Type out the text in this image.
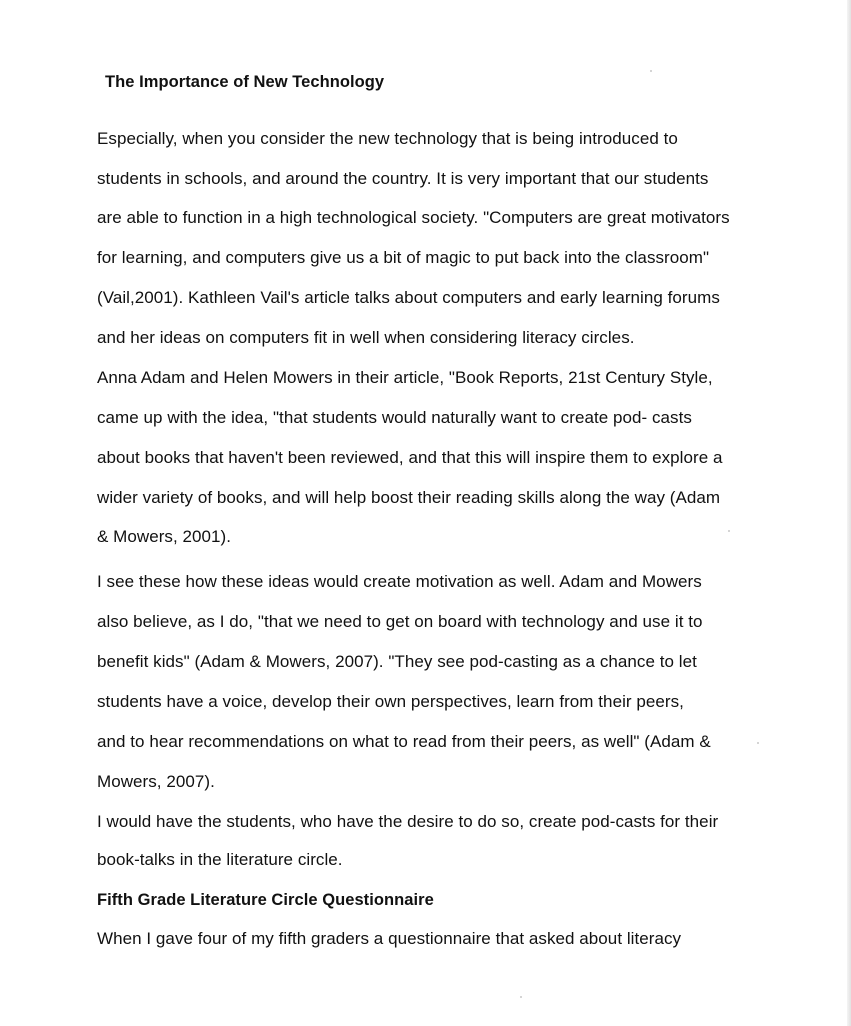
The Importance of New Technology
Especially, when you consider the new technology that is being introduced to
students in schools, and around the country. It is very important that our students
are able to function in a high technological society. "Computers are great motivators
for learning, and computers give us a bit of magic to put back into the classroom"
(Vail,2001). Kathleen Vail's article talks about computers and early learning forums
and her ideas on computers fit in well when considering literacy circles.
Anna Adam and Helen Mowers in their article, "Book Reports, 21st Century Style,
came up with the idea, "that students would naturally want to create pod- casts
about books that haven't been reviewed, and that this will inspire them to explore a
wider variety of books, and will help boost their reading skills along the way (Adam
& Mowers, 2001).
I see these how these ideas would create motivation as well. Adam and Mowers
also believe, as I do, "that we need to get on board with technology and use it to
benefit kids" (Adam & Mowers, 2007). "They see pod-casting as a chance to let
students have a voice, develop their own perspectives, learn from their peers,
and to hear recommendations on what to read from their peers, as well" (Adam &
Mowers, 2007).
I would have the students, who have the desire to do so, create pod-casts for their
book-talks in the literature circle.
Fifth Grade Literature Circle Questionnaire
When I gave four of my fifth graders a questionnaire that asked about literacy
